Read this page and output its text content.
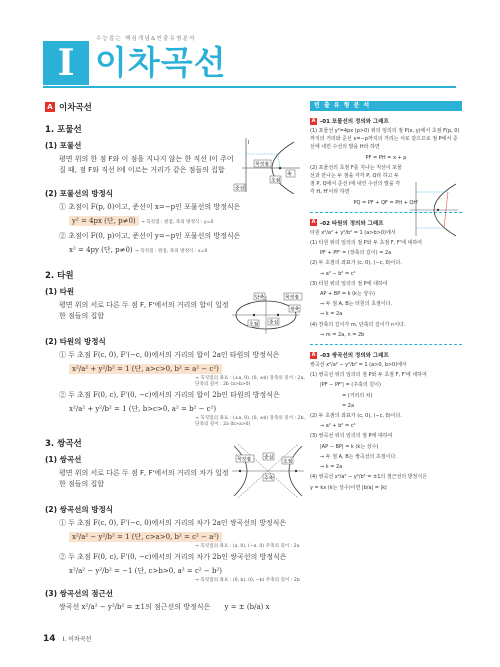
수능잡는 핵심개념&빈출유형분석
I 이차곡선
A 이차곡선
1. 포물선
(1) 포물선
평면 위의 한 점 F와 이 점을 지나지 않는 한 직선 l이 주어질 때, 점 F와 직선 l에 이르는 거리가 같은 점들의 집합
(2) 포물선의 방정식
① 초점이 F(p, 0)이고, 준선이 x=−p인 포물선의 방정식은
y² = 4px (단, p≠0) → 꼭짓점 : 원점, 축의 방정식 : y=0
② 초점이 F(0, p)이고, 준선이 y=−p인 포물선의 방정식은
x² = 4py (단, p≠0) → 꼭짓점 : 원점, 축의 방정식 : x=0
2. 타원
(1) 타원
평면 위의 서로 다른 두 점 F, F'에서의 거리의 합이 일정한 점들의 집합
(2) 타원의 방정식
① 두 초점 F(c, 0), F'(−c, 0)에서의 거리의 합이 2a인 타원의 방정식은
x²/a² + y²/b² = 1 (단, a>c>0, b² = a² − c²)
→ 꼭짓점의 좌표 : (±a, 0), (0, ±b) 장축의 길이 : 2a, 단축의 길이 : 2b (a>b>0)
② 두 초점 F(0, c), F'(0, −c)에서의 거리의 합이 2b인 타원의 방정식은
x²/a² + y²/b² = 1 (단, b>c>0, a² = b² − c²)
→ 꼭짓점의 좌표 : (±a, 0), (0, ±b) 장축의 길이 : 2b, 단축의 길이 : 2a (b>a>0)
3. 쌍곡선
(1) 쌍곡선
평면 위의 서로 다른 두 점 F, F'에서의 거리의 차가 일정한 점들의 집합
(2) 쌍곡선의 방정식
① 두 초점 F(c, 0), F'(−c, 0)에서의 거리의 차가 2a인 쌍곡선의 방정식은
x²/a² − y²/b² = 1 (단, c>a>0, b² = c² − a²)
→ 꼭짓점의 좌표 : (a, 0), (−a, 0) 주축의 길이 : 2a
② 두 초점 F(0, c), F'(0, −c)에서의 거리의 차가 2b인 쌍곡선의 방정식은
x²/a² − y²/b² = −1 (단, c>b>0, a² = c² − b²)
→ 꼭짓점의 좌표 : (0, b), (0, −b) 주축의 길이 : 2b
(3) 쌍곡선의 점근선
쌍곡선 x²/a² − y²/b² = ±1의 점근선의 방정식은 y = ± (b/a) x
l
꼭짓점
축
초점
준선
단축	꼭짓점
장축
중심
초점
꼭짓점	중심
초점
주축
빈 출 유 형 분 석
A -01 포물선의 정의와 그래프
(1) 포물선 y²=4px (p>0) 위의 임의의 점 P(x, y)에서 초점 F(p, 0)까지의 거리와 준선 x=−p까지의 거리는 서로 같으므로 점 P에서 준선에 내린 수선의 발을 H라 하면
PF = PH = x + p
(2) 포물선의 초점 F를 지나는 직선이 포물선과 만나는 두 점을 각각 P, Q라 하고 두 점 P, Q에서 준선 l에 내린 수선의 발을 각각 H, H'이라 하면
PQ = PF + QF = PH + QH'
A -02 타원의 정의와 그래프
타원 x²/a² + y²/b² = 1 (a>b>0)에서
(1) 타원 위의 임의의 점 P와 두 초점 F, F'에 대하여
PF + PF' = (장축의 길이) = 2a
(2) 두 초점의 좌표가 (c, 0), (−c, 0)이다.
⇒ a² − b² = c²
(3) 타원 위의 임의의 점 P에 대하여
AP + BP = k (k는 상수)
⇒ 두 점 A, B는 타원의 초점이다.
⇒ k = 2a
(4) 장축의 길이가 m, 단축의 길이가 n이다.
⇒ m = 2a, n = 2b
A -03 쌍곡선의 정의와 그래프
쌍곡선 x²/a² − y²/b² = 1 (a>0, b>0)에서
(1) 쌍곡선 위의 임의의 점 P와 두 초점 F, F'에 대하여
|PF − PF'| = (주축의 길이)
= (거리의 차)
= 2a
(2) 두 초점의 좌표가 (c, 0), (−c, 0)이다.
⇒ a² + b² = c²
(3) 쌍곡선 위의 임의의 점 P에 대하여
|AP − BP| = k (k는 상수)
⇒ 두 점 A, B는 쌍곡선의 초점이다.
⇒ k = 2a
(4) 쌍곡선 x²/a² − y²/b² = ±1의 점근선의 방정식은
y = kx (k는 상수)이면 |b/a| = |k|
14 I. 이차곡선
